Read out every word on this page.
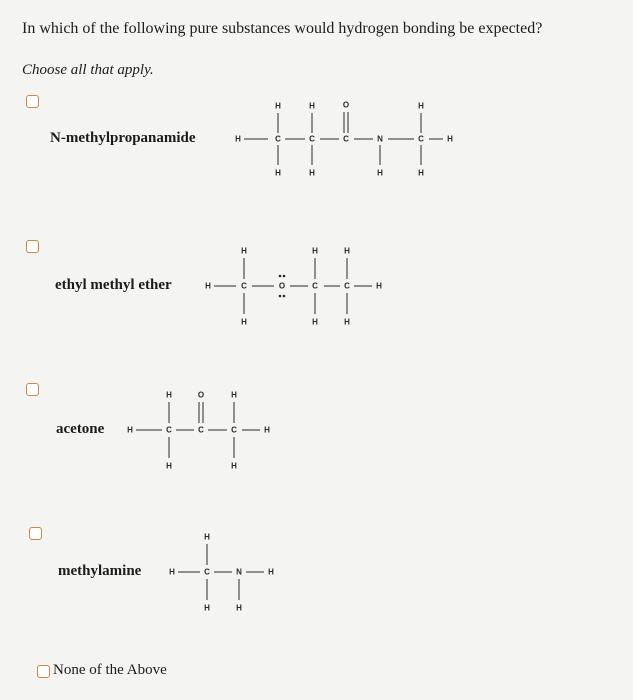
In which of the following pure substances would hydrogen bonding be expected?
Choose all that apply.
N-methylpropanamide	H	C
H
H
C
H
H
C
O
N
H
C
H
H
H
ethyl methyl ether	H	C
H
H
O	C
H
H
C
H
H
H
acetone	H	C
H
H
C
O
C
H
H
H
methylamine	H	C
H
H
N
H
H
None of the Above
